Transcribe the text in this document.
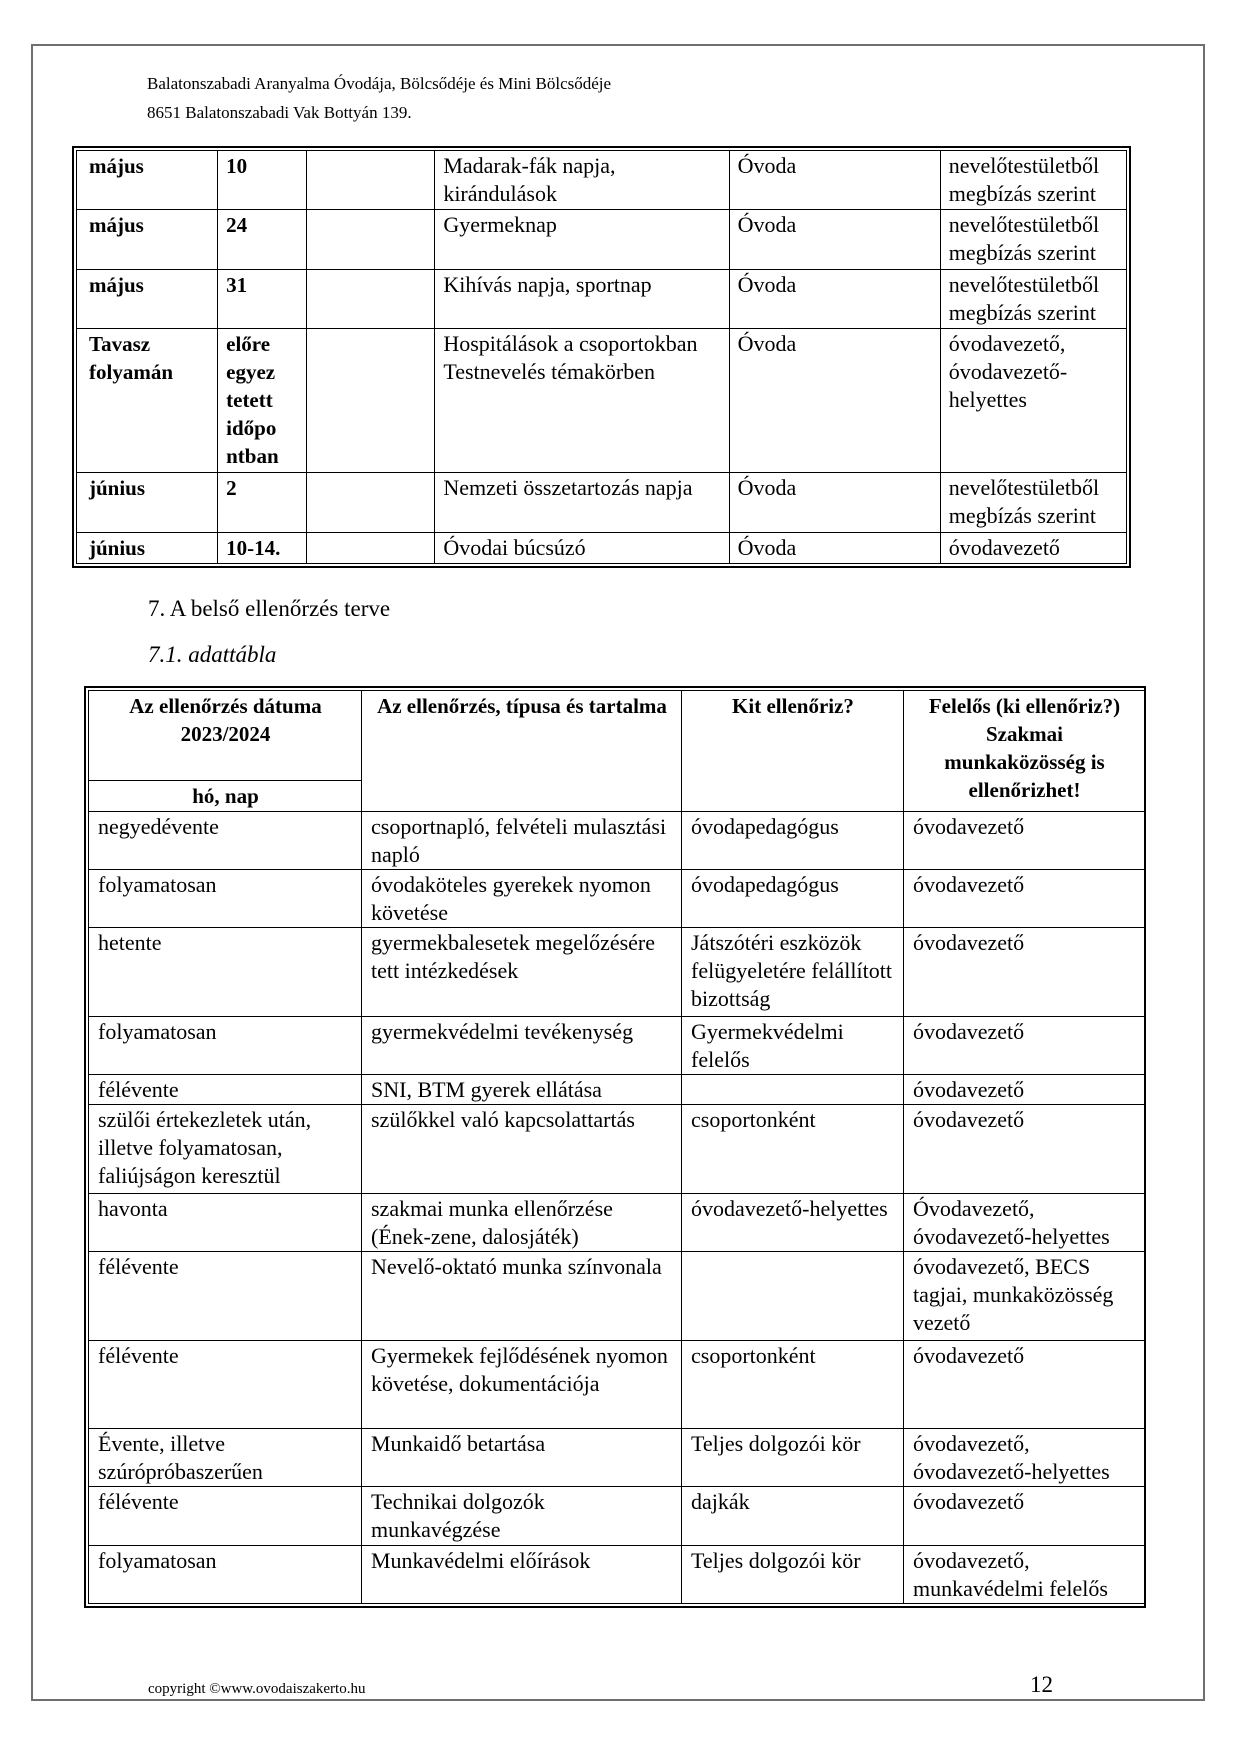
Balatonszabadi Aranyalma Óvodája, Bölcsődéje és Mini Bölcsődéje
8651 Balatonszabadi Vak Bottyán 139.
május	10		Madarak-fák napja, kirándulások	Óvoda	nevelőtestületből megbízás szerint
május	24		Gyermeknap	Óvoda	nevelőtestületből megbízás szerint
május	31		Kihívás napja, sportnap	Óvoda	nevelőtestületből megbízás szerint
Tavasz folyamán	előre egyez tetett időpo ntban		Hospitálások a csoportokban Testnevelés témakörben	Óvoda	óvodavezető, óvodavezető-helyettes
június	2		Nemzeti összetartozás napja	Óvoda	nevelőtestületből megbízás szerint
június	10-14.		Óvodai búcsúzó	Óvoda	óvodavezető
7. A belső ellenőrzés terve
7.1. adattábla
Az ellenőrzés dátuma 2023/2024	Az ellenőrzés, típusa és tartalma	Kit ellenőriz?	Felelős (ki ellenőriz?) Szakmai munkaközösség is ellenőrizhet!
hó, nap			
negyedévente	csoportnapló, felvételi mulasztási napló	óvodapedagógus	óvodavezető
folyamatosan	óvodaköteles gyerekek nyomon követése	óvodapedagógus	óvodavezető
hetente	gyermekbalesetek megelőzésére tett intézkedések	Játszótéri eszközök felügyeletére felállított bizottság	óvodavezető
folyamatosan	gyermekvédelmi tevékenység	Gyermekvédelmi felelős	óvodavezető
félévente	SNI, BTM gyerek ellátása		óvodavezető
szülői értekezletek után, illetve folyamatosan, faliújságon keresztül	szülőkkel való kapcsolattartás	csoportonként	óvodavezető
havonta	szakmai munka ellenőrzése (Ének-zene, dalosjáték)	óvodavezető-helyettes	Óvodavezető, óvodavezető-helyettes
félévente	Nevelő-oktató munka színvonala		óvodavezető, BECS tagjai, munkaközösség vezető
félévente	Gyermekek fejlődésének nyomon követése, dokumentációja	csoportonként	óvodavezető
Évente, illetve szúrópróbaszerűen	Munkaidő betartása	Teljes dolgozói kör	óvodavezető, óvodavezető-helyettes
félévente	Technikai dolgozók munkavégzése	dajkák	óvodavezető
folyamatosan	Munkavédelmi előírások	Teljes dolgozói kör	óvodavezető, munkavédelmi felelős
copyright ©www.ovodaiszakerto.hu	12
